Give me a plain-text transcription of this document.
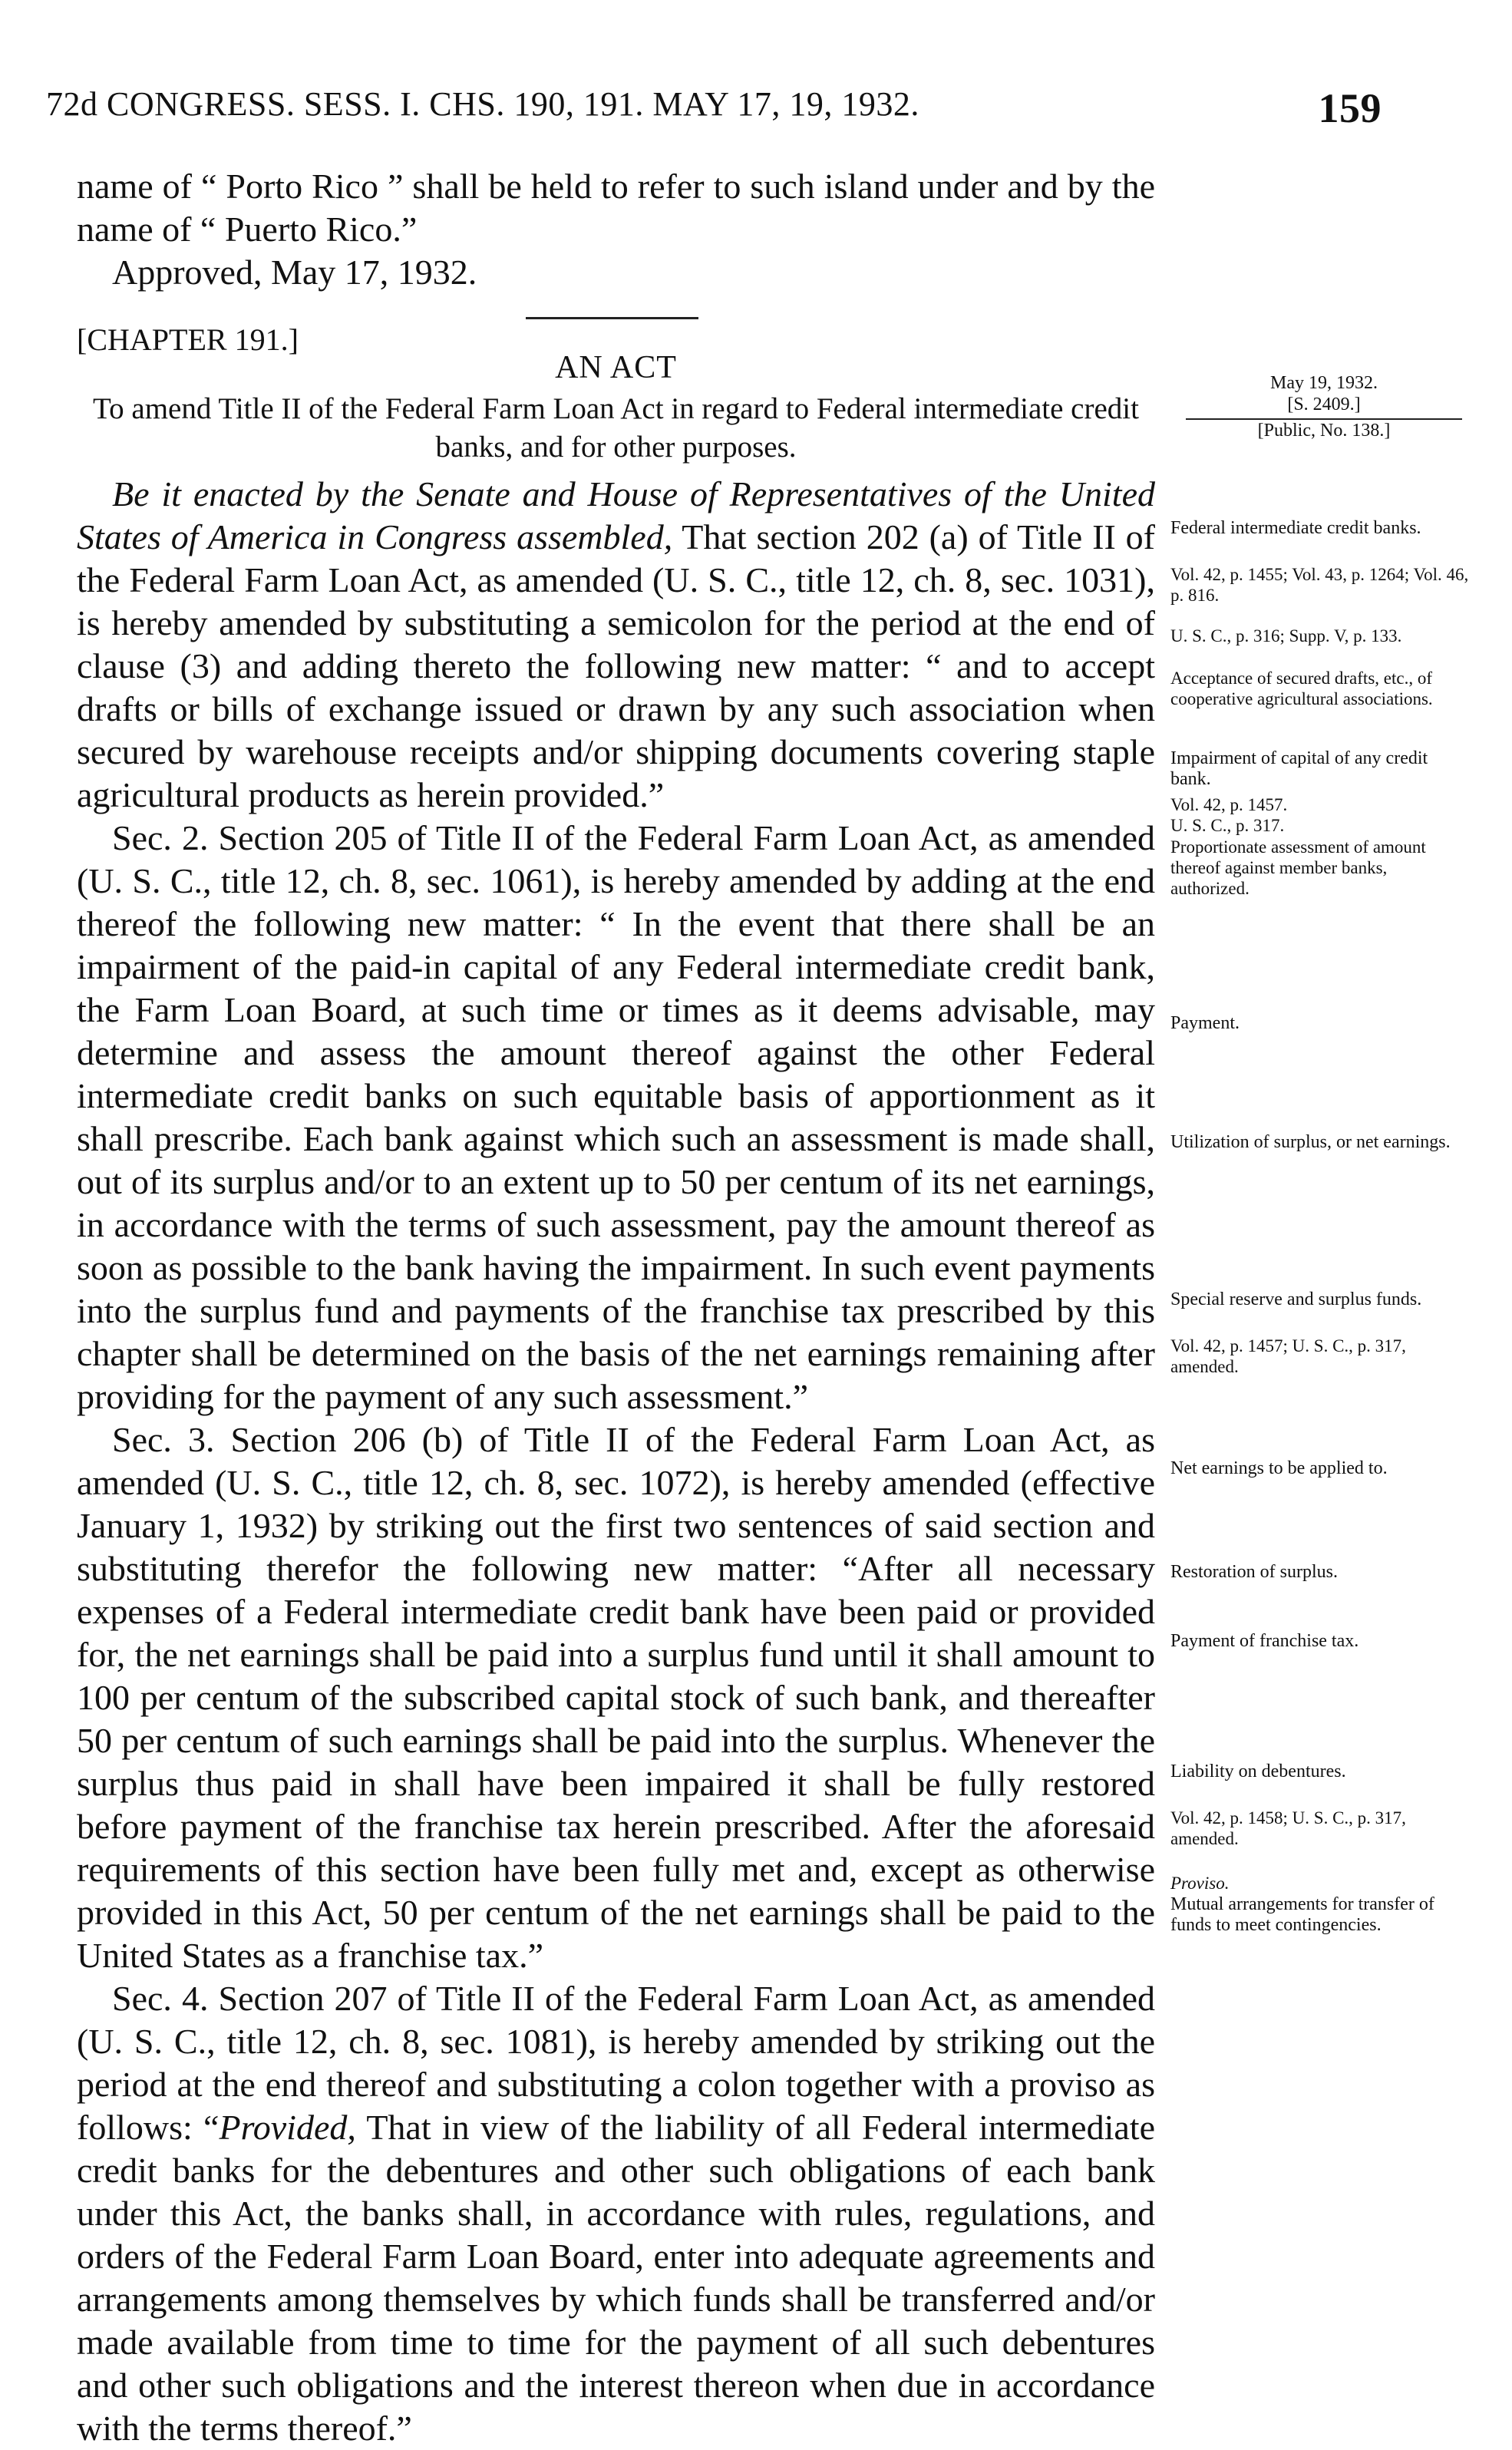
72d CONGRESS. SESS. I. CHS. 190, 191. MAY 17, 19, 1932.	159

name of “ Porto Rico ” shall be held to refer to such island under and by the name of “ Puerto Rico.”

Approved, May 17, 1932.

[CHAPTER 191.]
AN ACT

To amend Title II of the Federal Farm Loan Act in regard to Federal intermediate credit banks, and for other purposes.

Be it enacted by the Senate and House of Representatives of the United States of America in Congress assembled, That section 202 (a) of Title II of the Federal Farm Loan Act, as amended (U. S. C., title 12, ch. 8, sec. 1031), is hereby amended by substituting a semicolon for the period at the end of clause (3) and adding thereto the following new matter: “ and to accept drafts or bills of exchange issued or drawn by any such association when secured by warehouse receipts and/or shipping documents covering staple agricultural products as herein provided.”

Sec. 2. Section 205 of Title II of the Federal Farm Loan Act, as amended (U. S. C., title 12, ch. 8, sec. 1061), is hereby amended by adding at the end thereof the following new matter: “ In the event that there shall be an impairment of the paid-in capital of any Federal intermediate credit bank, the Farm Loan Board, at such time or times as it deems advisable, may determine and assess the amount thereof against the other Federal intermediate credit banks on such equitable basis of apportionment as it shall prescribe. Each bank against which such an assessment is made shall, out of its surplus and/or to an extent up to 50 per centum of its net earnings, in accordance with the terms of such assessment, pay the amount thereof as soon as possible to the bank having the impairment. In such event payments into the surplus fund and payments of the franchise tax prescribed by this chapter shall be determined on the basis of the net earnings remaining after providing for the payment of any such assessment.”

Sec. 3. Section 206 (b) of Title II of the Federal Farm Loan Act, as amended (U. S. C., title 12, ch. 8, sec. 1072), is hereby amended (effective January 1, 1932) by striking out the first two sentences of said section and substituting therefor the following new matter: “After all necessary expenses of a Federal intermediate credit bank have been paid or provided for, the net earnings shall be paid into a surplus fund until it shall amount to 100 per centum of the subscribed capital stock of such bank, and thereafter 50 per centum of such earnings shall be paid into the surplus. Whenever the surplus thus paid in shall have been impaired it shall be fully restored before payment of the franchise tax herein prescribed. After the aforesaid requirements of this section have been fully met and, except as otherwise provided in this Act, 50 per centum of the net earnings shall be paid to the United States as a franchise tax.”

Sec. 4. Section 207 of Title II of the Federal Farm Loan Act, as amended (U. S. C., title 12, ch. 8, sec. 1081), is hereby amended by striking out the period at the end thereof and substituting a colon together with a proviso as follows: “Provided, That in view of the liability of all Federal intermediate credit banks for the debentures and other such obligations of each bank under this Act, the banks shall, in accordance with rules, regulations, and orders of the Federal Farm Loan Board, enter into adequate agreements and arrangements among themselves by which funds shall be transferred and/or made available from time to time for the payment of all such debentures and other such obligations and the interest thereon when due in accordance with the terms thereof.”

May 19, 1932.
[S. 2409.]
[Public, No. 138.]
Federal intermediate credit banks.
Vol. 42, p. 1455; Vol. 43, p. 1264; Vol. 46, p. 816.
U. S. C., p. 316; Supp. V, p. 133.
Acceptance of secured drafts, etc., of cooperative agricultural associations.
Impairment of capital of any credit bank.
Vol. 42, p. 1457.
U. S. C., p. 317.
Proportionate assessment of amount thereof against member banks, authorized.
Payment.
Utilization of surplus, or net earnings.
Special reserve and surplus funds.
Vol. 42, p. 1457; U. S. C., p. 317, amended.
Net earnings to be applied to.
Restoration of surplus.
Payment of franchise tax.
Liability on debentures.
Vol. 42, p. 1458; U. S. C., p. 317, amended.
Proviso.
Mutual arrangements for transfer of funds to meet contingencies.
